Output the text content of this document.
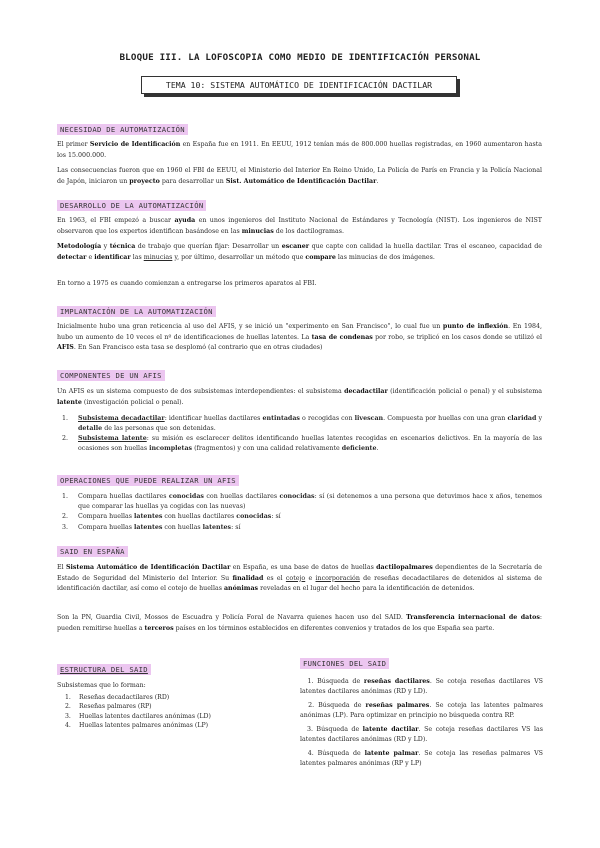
BLOQUE III. LA LOFOSCOPIA COMO MEDIO DE IDENTIFICACIÓN PERSONAL
TEMA 10: SISTEMA AUTOMÁTICO DE IDENTIFICACIÓN DACTILAR
NECESIDAD DE AUTOMATIZACIÓN
El primer Servicio de Identificación en España fue en 1911. En EEUU, 1912 tenían más de 800.000 huellas registradas, en 1960 aumentaron hasta los 15.000.000.
Las consecuencias fueron que en 1960 el FBI de EEUU, el Ministerio del Interior En Reino Unido, La Policía de París en Francia y la Policía Nacional de Japón, iniciaron un proyecto para desarrollar un Sist. Automático de Identificación Dactilar.
DESARROLLO DE LA AUTOMATIZACIÓN
En 1963, el FBI empezó a buscar ayuda en unos ingenieros del Instituto Nacional de Estándares y Tecnología (NIST). Los ingenieros de NIST observaron que los expertos identifican basándose en las minucias de los dactilogramas.
Metodología y técnica de trabajo que querían fijar: Desarrollar un escaner que capte con calidad la huella dactilar. Tras el escaneo, capacidad de detectar e identificar las minucias y, por último, desarrollar un método que compare las minucias de dos imágenes.
En torno a 1975 es cuando comienzan a entregarse los primeros aparatos al FBI.
IMPLANTACIÓN DE LA AUTOMATIZACIÓN
Inicialmente hubo una gran reticencia al uso del AFIS, y se inició un "experimento en San Francisco", lo cual fue un punto de inflexión. En 1984, hubo un aumento de 10 veces el nº de identificaciones de huellas latentes. La tasa de condenas por robo, se triplicó en los casos donde se utilizó el AFIS. En San Francisco esta tasa se desplomó (al contrario que en otras ciudades)
COMPONENTES DE UN AFIS
Un AFIS es un sistema compuesto de dos subsistemas interdependientes: el subsistema decadactilar (identificación policial o penal) y el subsistema latente (investigación policial o penal).
1. Subsistema decadactilar: identificar huellas dactilares entintadas o recogidas con livescan. Compuesta por huellas con una gran claridad y detalle de las personas que son detenidas.
2. Subsistema latente: su misión es esclarecer delitos identificando huellas latentes recogidas en escenarios delictivos. En la mayoría de las ocasiones son huellas incompletas (fragmentos) y con una calidad relativamente deficiente.
OPERACIONES QUE PUEDE REALIZAR UN AFIS
1. Compara huellas dactilares conocidas con huellas dactilares conocidas: sí (si detenemos a una persona que detuvimos hace x años, tenemos que comparar las huellas ya cogidas con las nuevas)
2. Compara huellas latentes con huellas dactilares conocidas: sí
3. Compara huellas latentes con huellas latentes: sí
SAID EN ESPAÑA
El Sistema Automático de Identificación Dactilar en España, es una base de datos de huellas dactilopalmares dependientes de la Secretaría de Estado de Seguridad del Ministerio del Interior. Su finalidad es el cotejo e incorporación de reseñas decadactilares de detenidos al sistema de identificación dactilar, así como el cotejo de huellas anónimas reveladas en el lugar del hecho para la identificación de detenidos.
Son la PN, Guardia Civil, Mossos de Escuadra y Policía Foral de Navarra quienes hacen uso del SAID. Transferencia internacional de datos: pueden remitirse huellas a terceros países en los términos establecidos en diferentes convenios y tratados de los que España sea parte.
ESTRUCTURA DEL SAID
Subsistemas que lo forman:
1. Reseñas decadactilares (RD)
2. Reseñas palmares (RP)
3. Huellas latentes dactilares anónimas (LD)
4. Huellas latentes palmares anónimas (LP)
FUNCIONES DEL SAID
1. Búsqueda de reseñas dactilares. Se coteja reseñas dactilares VS latentes dactilares anónimas (RD y LD).
2. Búsqueda de reseñas palmares. Se coteja las latentes palmares anónimas (LP). Para optimizar en principio no búsqueda contra RP.
3. Búsqueda de latente dactilar. Se coteja reseñas dactilares VS las latentes dactilares anónimas (RD y LD).
4. Búsqueda de latente palmar. Se coteja las reseñas palmares VS latentes palmares anónimas (RP y LP)
